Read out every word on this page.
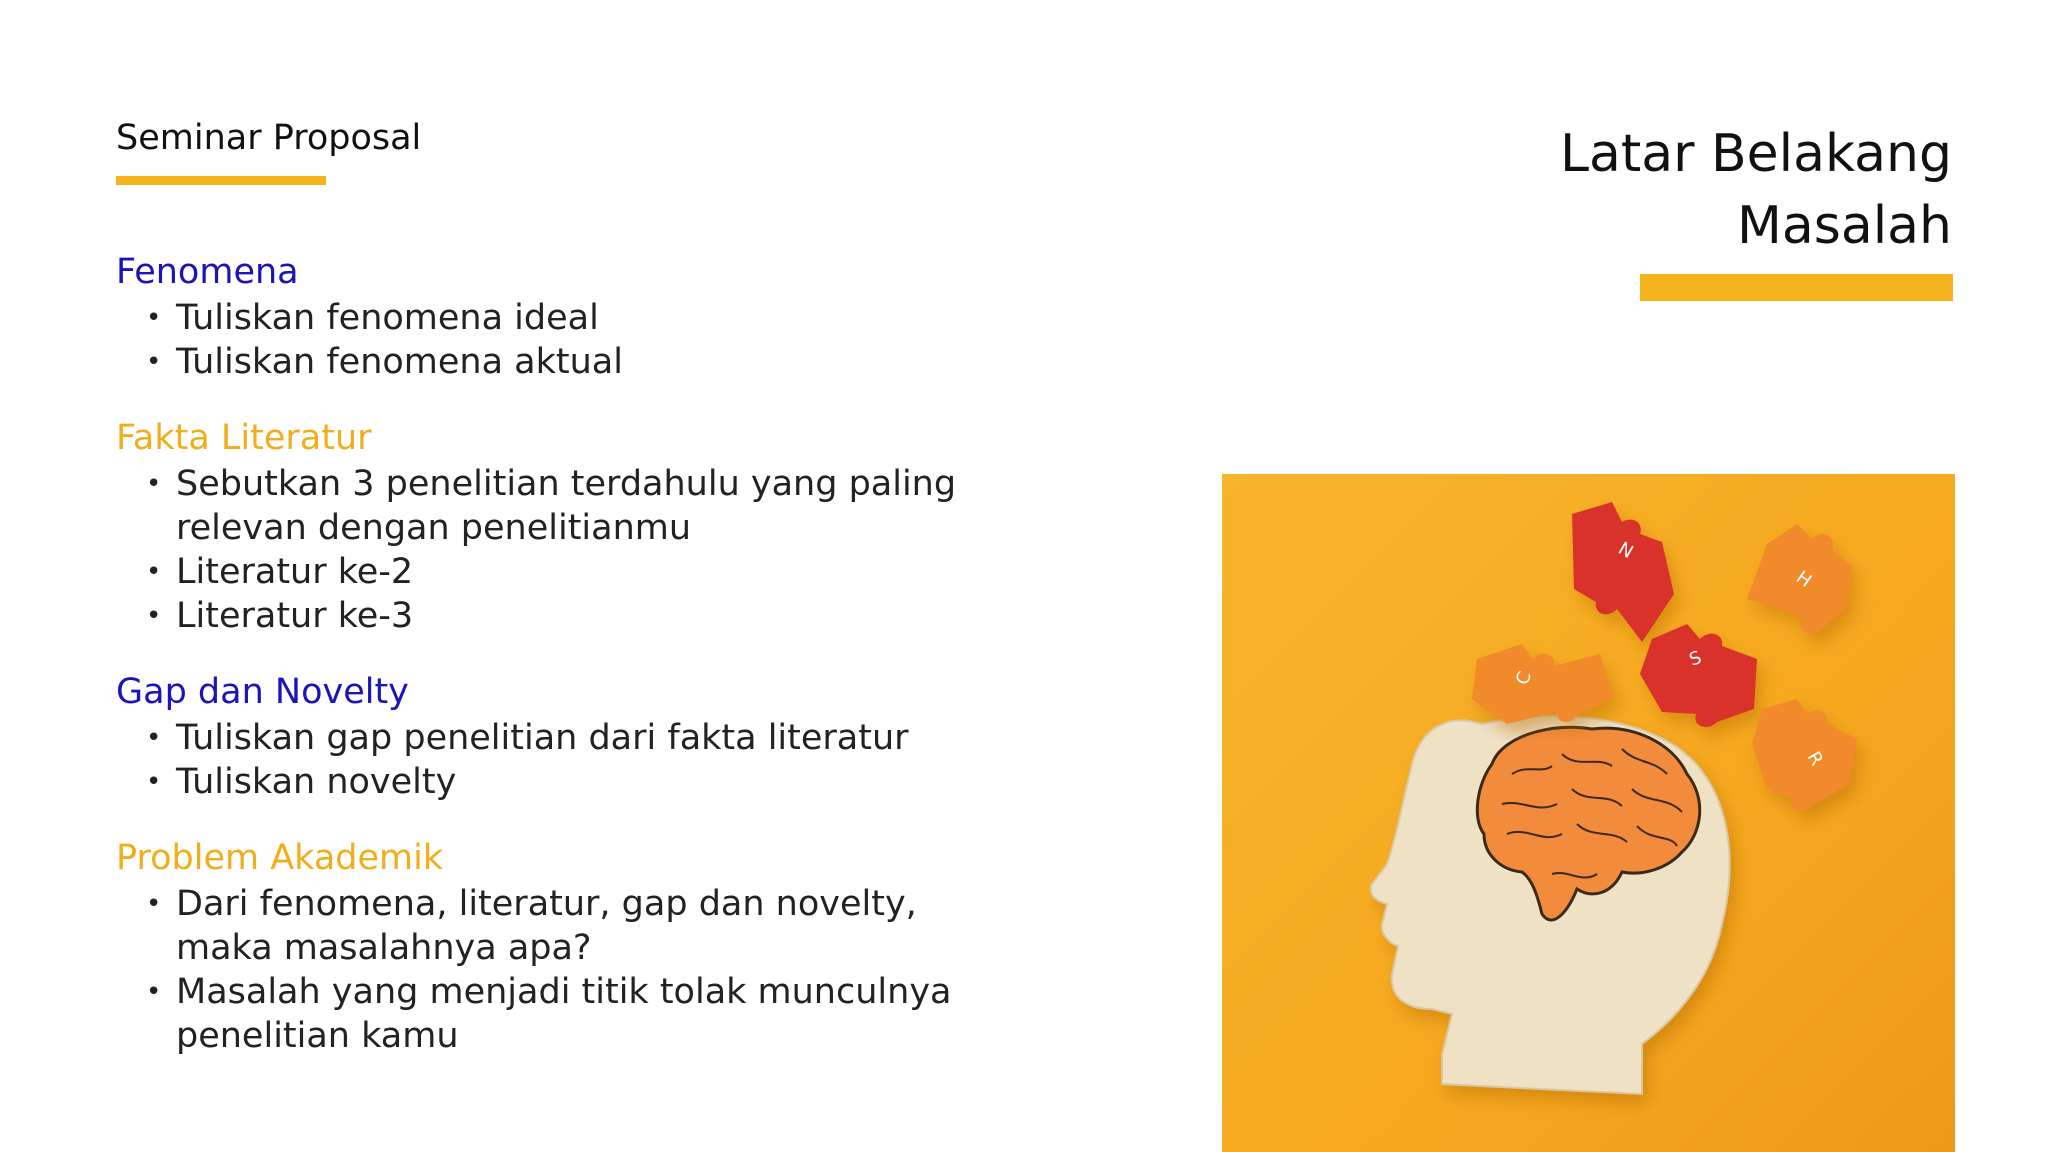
Seminar Proposal	Latar Belakang
Masalah

Fenomena

• Tuliskan fenomena ideal
• Tuliskan fenomena aktual

Fakta Literatur

• Sebutkan 3 penelitian terdahulu yang paling relevan dengan penelitianmu
• Literatur ke-2
• Literatur ke-3

Gap dan Novelty

• Tuliskan gap penelitian dari fakta literatur
• Tuliskan novelty

Problem Akademik

• Dari fenomena, literatur, gap dan novelty, maka masalahnya apa?
• Masalah yang menjadi titik tolak munculnya penelitian kamu
N
H
S
C
R
